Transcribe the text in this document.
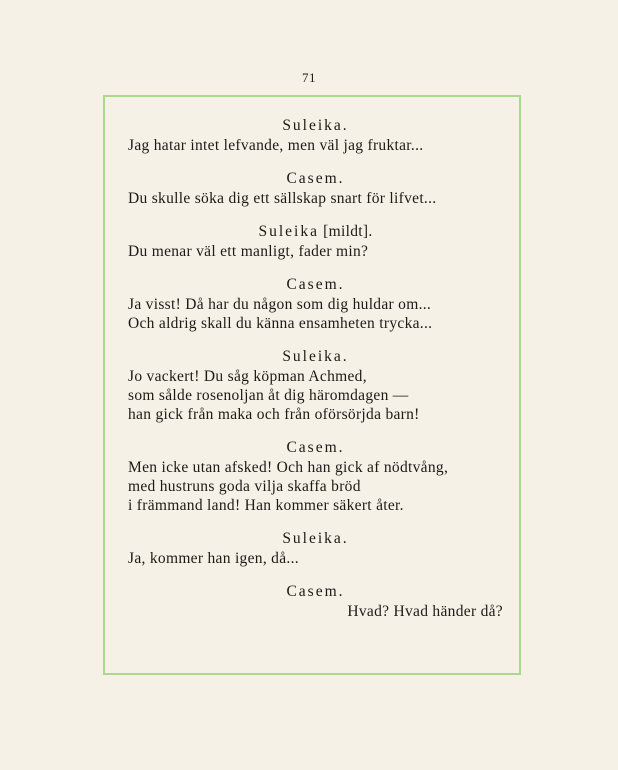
71
Suleika.
Jag hatar intet lefvande, men väl jag fruktar...
Casem.
Du skulle söka dig ett sällskap snart för lifvet...
Suleika [mildt].
Du menar väl ett manligt, fader min?
Casem.
Ja visst! Då har du någon som dig huldar om...
Och aldrig skall du känna ensamheten trycka...
Suleika.
Jo vackert! Du såg köpman Achmed,
som sålde rosenoljan åt dig häromdagen —
han gick från maka och från oförsörjda barn!
Casem.
Men icke utan afsked! Och han gick af nödtvång,
med hustruns goda vilja skaffa bröd
i främmand land! Han kommer säkert åter.
Suleika.
Ja, kommer han igen, då...
Casem.
Hvad? Hvad händer då?
